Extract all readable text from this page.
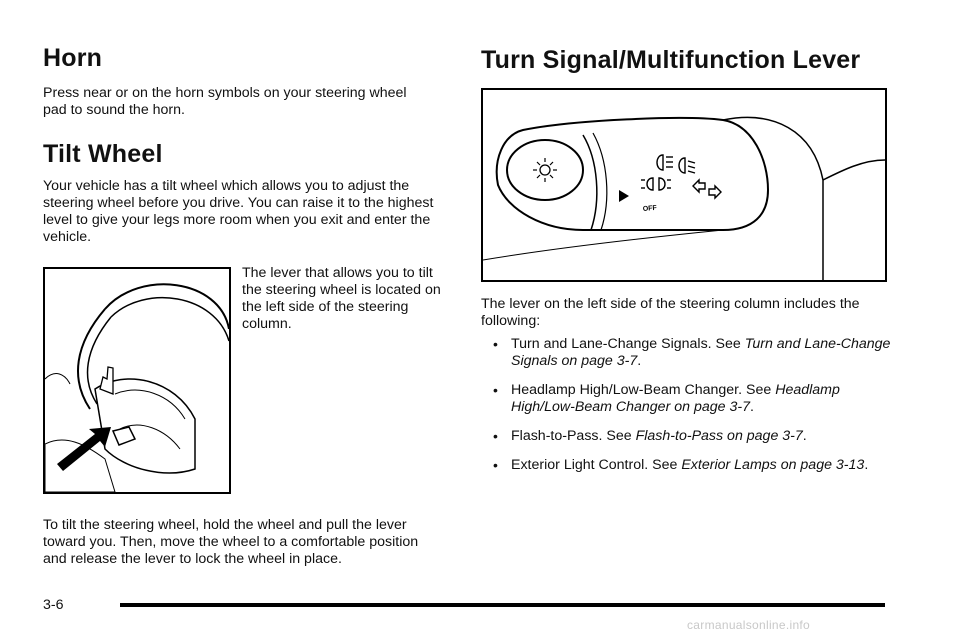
Horn

Press near or on the horn symbols on your steering wheel pad to sound the horn.

Tilt Wheel

Your vehicle has a tilt wheel which allows you to adjust the steering wheel before you drive. You can raise it to the highest level to give your legs more room when you exit and enter the vehicle.

The lever that allows you to tilt the steering wheel is located on the left side of the steering column.

To tilt the steering wheel, hold the wheel and pull the lever toward you. Then, move the wheel to a comfortable position and release the lever to lock the wheel in place.

Turn Signal/Multifunction Lever
OFF

The lever on the left side of the steering column includes the following:

• Turn and Lane-Change Signals. See Turn and Lane-Change Signals on page 3-7.
• Headlamp High/Low-Beam Changer. See Headlamp High/Low-Beam Changer on page 3-7.
• Flash-to-Pass. See Flash-to-Pass on page 3-7.
• Exterior Light Control. See Exterior Lamps on page 3-13.
3-6
carmanualsonline.info
